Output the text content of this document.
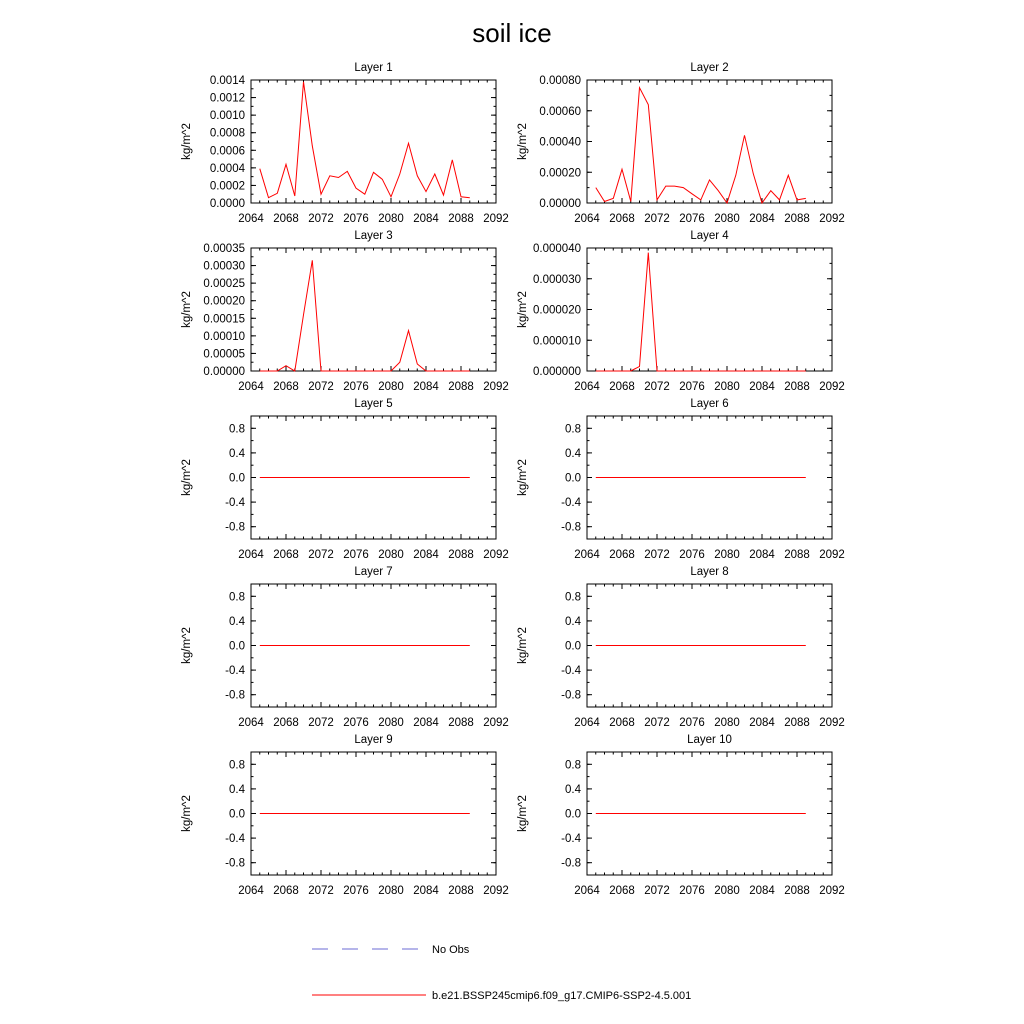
soil ice
Layer 1
2064 2068 2072 2076 2080 2084 2088 2092
0.0000
0.0002
0.0004
0.0006
0.0008
0.0010
0.0012
0.0014
kg/m^2
Layer 2
2064 2068 2072 2076 2080 2084 2088 2092
0.00000
0.00020
0.00040
0.00060
0.00080
kg/m^2
Layer 3
2064 2068 2072 2076 2080 2084 2088 2092
0.00000
0.00005
0.00010
0.00015
0.00020
0.00025
0.00030
0.00035
kg/m^2
Layer 4
2064 2068 2072 2076 2080 2084 2088 2092
0.000000
0.000010
0.000020
0.000030
0.000040
kg/m^2
Layer 5
2064 2068 2072 2076 2080 2084 2088 2092
-0.8
-0.4
0.0
0.4
0.8
kg/m^2
Layer 6
2064 2068 2072 2076 2080 2084 2088 2092
-0.8
-0.4
0.0
0.4
0.8
kg/m^2
Layer 7
2064 2068 2072 2076 2080 2084 2088 2092
-0.8
-0.4
0.0
0.4
0.8
kg/m^2
Layer 8
2064 2068 2072 2076 2080 2084 2088 2092
-0.8
-0.4
0.0
0.4
0.8
kg/m^2
Layer 9
2064 2068 2072 2076 2080 2084 2088 2092
-0.8
-0.4
0.0
0.4
0.8
kg/m^2
Layer 10
2064 2068 2072 2076 2080 2084 2088 2092
-0.8
-0.4
0.0
0.4
0.8
kg/m^2
No Obs
b.e21.BSSP245cmip6.f09_g17.CMIP6-SSP2-4.5.001
